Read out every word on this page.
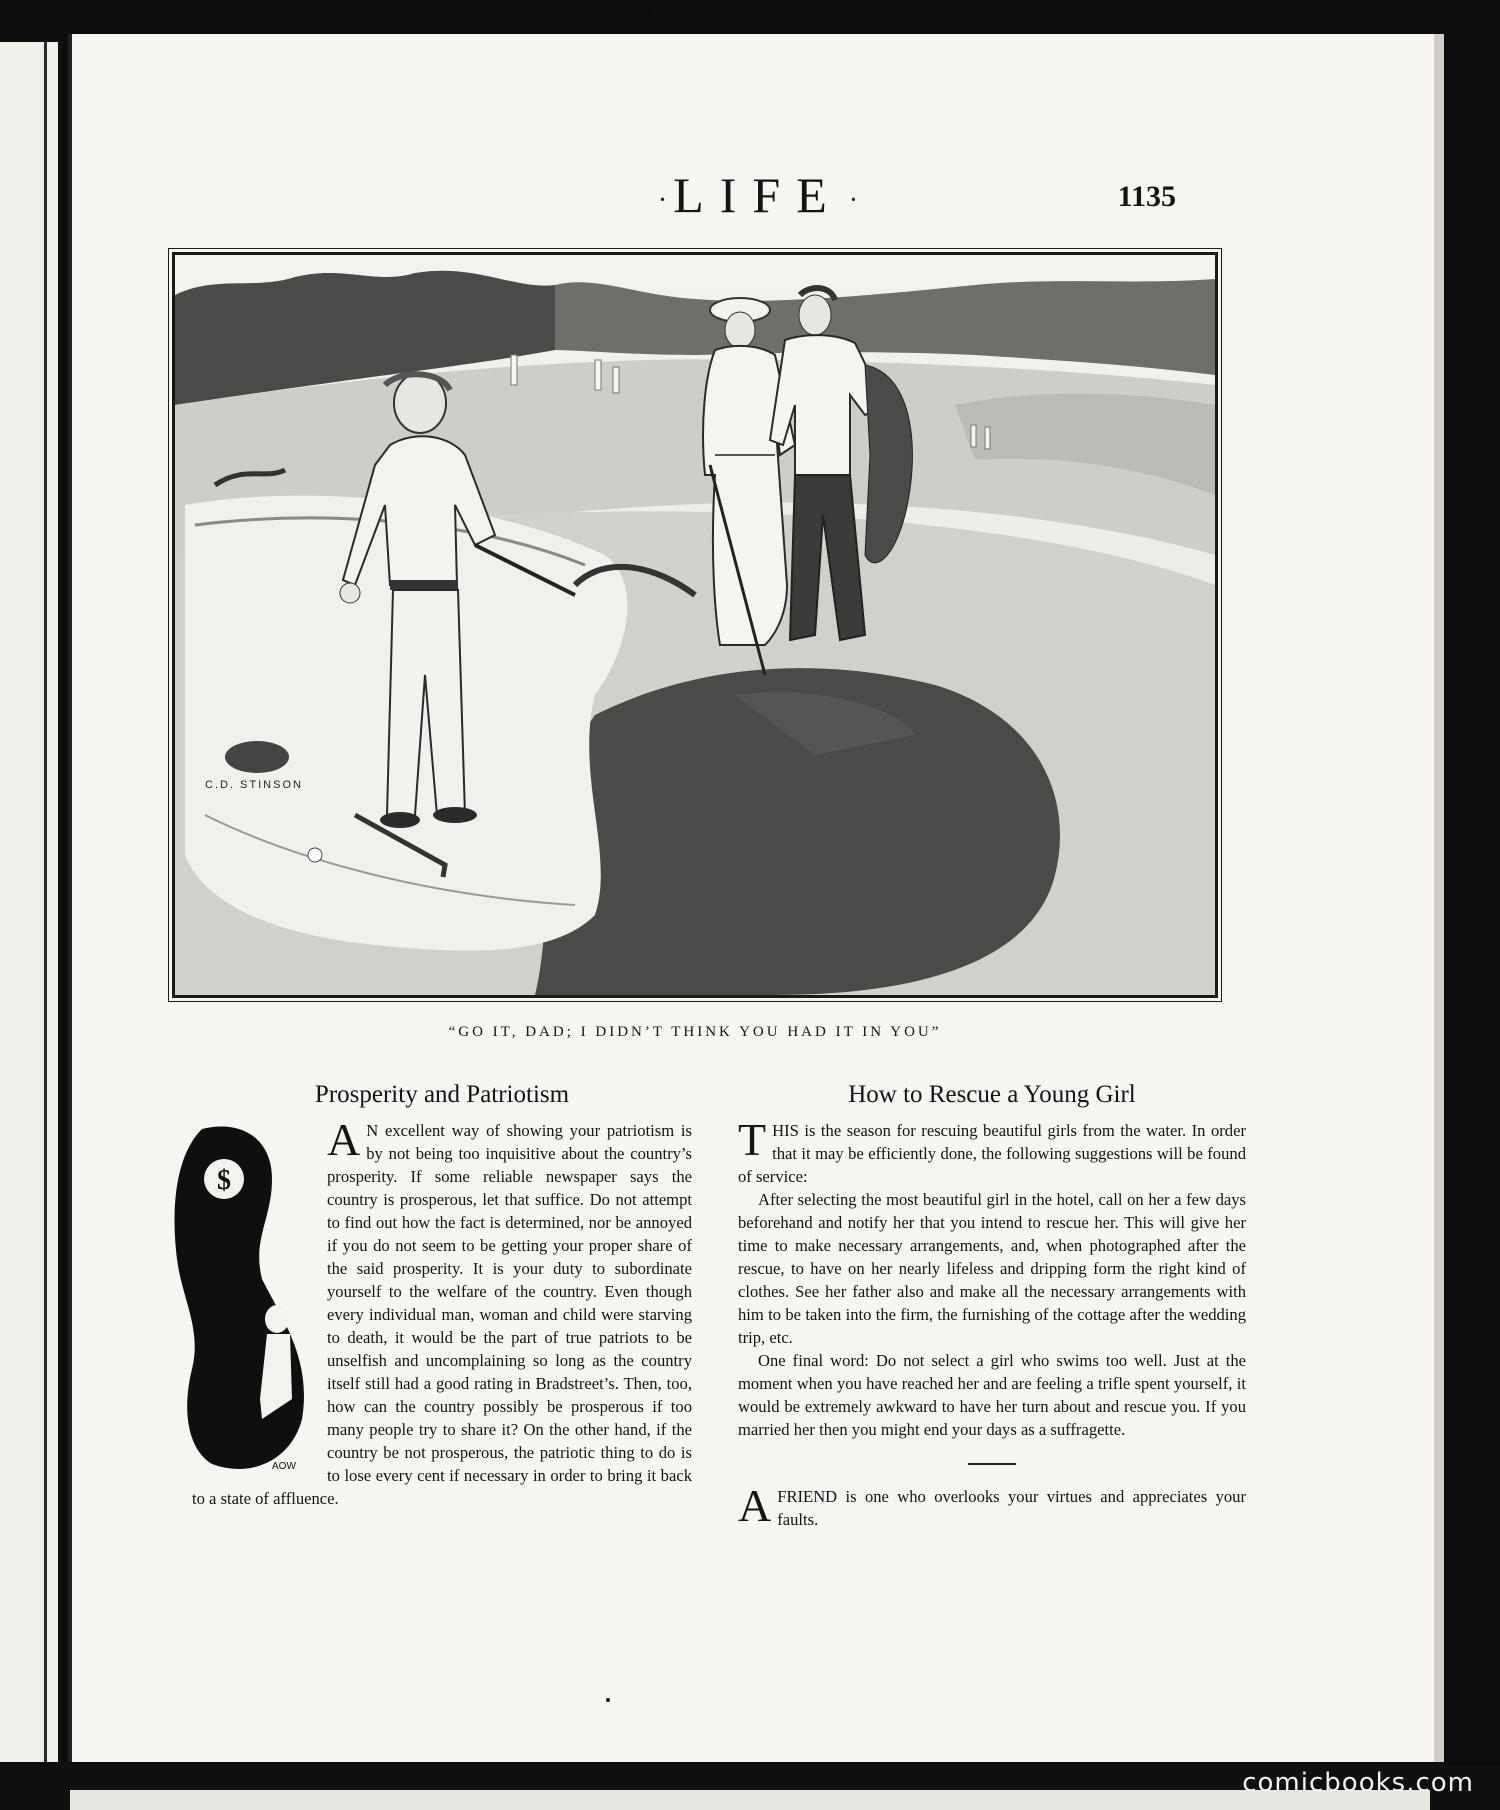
· LIFE ·	1135
C.D. STINSON
“GO IT, DAD; I DIDN’T THINK YOU HAD IT IN YOU”
Prosperity and Patriotism
$
AOW

A N excellent way of showing your patriotism is by not being too inquisitive about the country’s prosperity. If some reliable newspaper says the country is prosperous, let that suffice. Do not attempt to find out how the fact is determined, nor be annoyed if you do not seem to be getting your proper share of the said prosperity. It is your duty to subordinate yourself to the welfare of the country. Even though every individual man, woman and child were starving to death, it would be the part of true patriots to be unselfish and uncomplaining so long as the country itself still had a good rating in Bradstreet’s. Then, too, how can the country possibly be prosperous if too many people try to share it? On the other hand, if the country be not prosperous, the patriotic thing to do is to lose every cent if necessary in order to bring it back to a state of affluence.

How to Rescue a Young Girl

THIS is the season for rescuing beautiful girls from the water. In order that it may be efficiently done, the following suggestions will be found of service:

After selecting the most beautiful girl in the hotel, call on her a few days beforehand and notify her that you intend to rescue her. This will give her time to make necessary arrangements, and, when photographed after the rescue, to have on her nearly lifeless and dripping form the right kind of clothes. See her father also and make all the necessary arrangements with him to be taken into the firm, the furnishing of the cottage after the wedding trip, etc.

One final word: Do not select a girl who swims too well. Just at the moment when you have reached her and are feeling a trifle spent yourself, it would be extremely awkward to have her turn about and rescue you. If you married her then you might end your days as a suffragette.

AFRIEND is one who overlooks your virtues and appreciates your faults.

comicbooks.com
